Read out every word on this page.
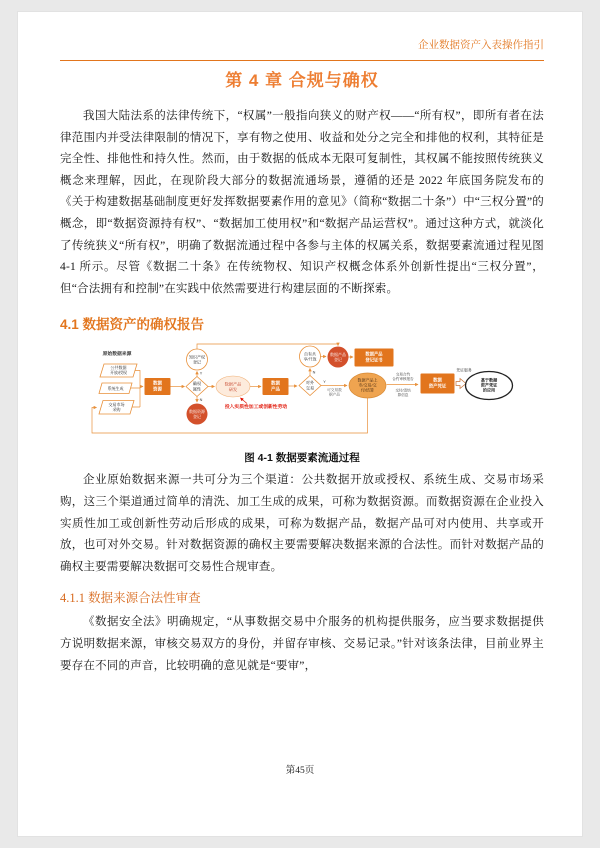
企业数据资产入表操作指引
第 4 章 合规与确权

我国大陆法系的法律传统下，“权属”一般指向狭义的财产权——“所有权”，即所有者在法律范围内并受法律限制的情况下，享有物之使用、收益和处分之完全和排他的权利，其特征是完全性、排他性和持久性。然而，由于数据的低成本无限可复制性，其权属不能按照传统狭义概念来理解，因此，在现阶段大部分的数据流通场景，遵循的还是 2022 年底国务院发布的《关于构建数据基础制度更好发挥数据要素作用的意见》（简称“数据二十条”）中“三权分置”的概念，即“数据资源持有权”、“数据加工使用权”和“数据产品运营权”。通过这种方式，就淡化了传统狭义“所有权”，明确了数据流通过程中各参与主体的权属关系，数据要素流通过程见图 4-1 所示。尽管《数据二十条》在传统物权、知识产权概念体系外创新性提出“三权分置”，但“合法拥有和控制”在实践中依然需要进行构建层面的不断探索。

4.1 数据资产的确权报告
原始数据来源
公共数据开放/授权
系统生成
交易市场采购
数据资源
确权属性
Y
N
知识产权登记
数据资源登记
数据产品研发
投入实质性加工或创新性劳动
数据产品
对外交易
N
Y
自有共享/开放
数据产品登记
数据产品登记证书
可交易数据产品
数据产品上市/交易/交付/结算
交易合约合约审核报告
交付/清结算信息
数据资产凭证
凭证服务
基于数据资产凭证的应用
图 4-1 数据要素流通过程

企业原始数据来源一共可分为三个渠道：公共数据开放或授权、系统生成、交易市场采购，这三个渠道通过简单的清洗、加工生成的成果，可称为数据资源。而数据资源在企业投入实质性加工或创新性劳动后形成的成果，可称为数据产品，数据产品可对内使用、共享或开放，也可对外交易。针对数据资源的确权主要需要解决数据来源的合法性。而针对数据产品的确权主要需要解决数据可交易性合规审查。

4.1.1 数据来源合法性审查

《数据安全法》明确规定，“从事数据交易中介服务的机构提供服务，应当要求数据提供方说明数据来源，审核交易双方的身份，并留存审核、交易记录。”针对该条法律，目前业界主要存在不同的声音，比较明确的意见就是“要审”，

第45页
